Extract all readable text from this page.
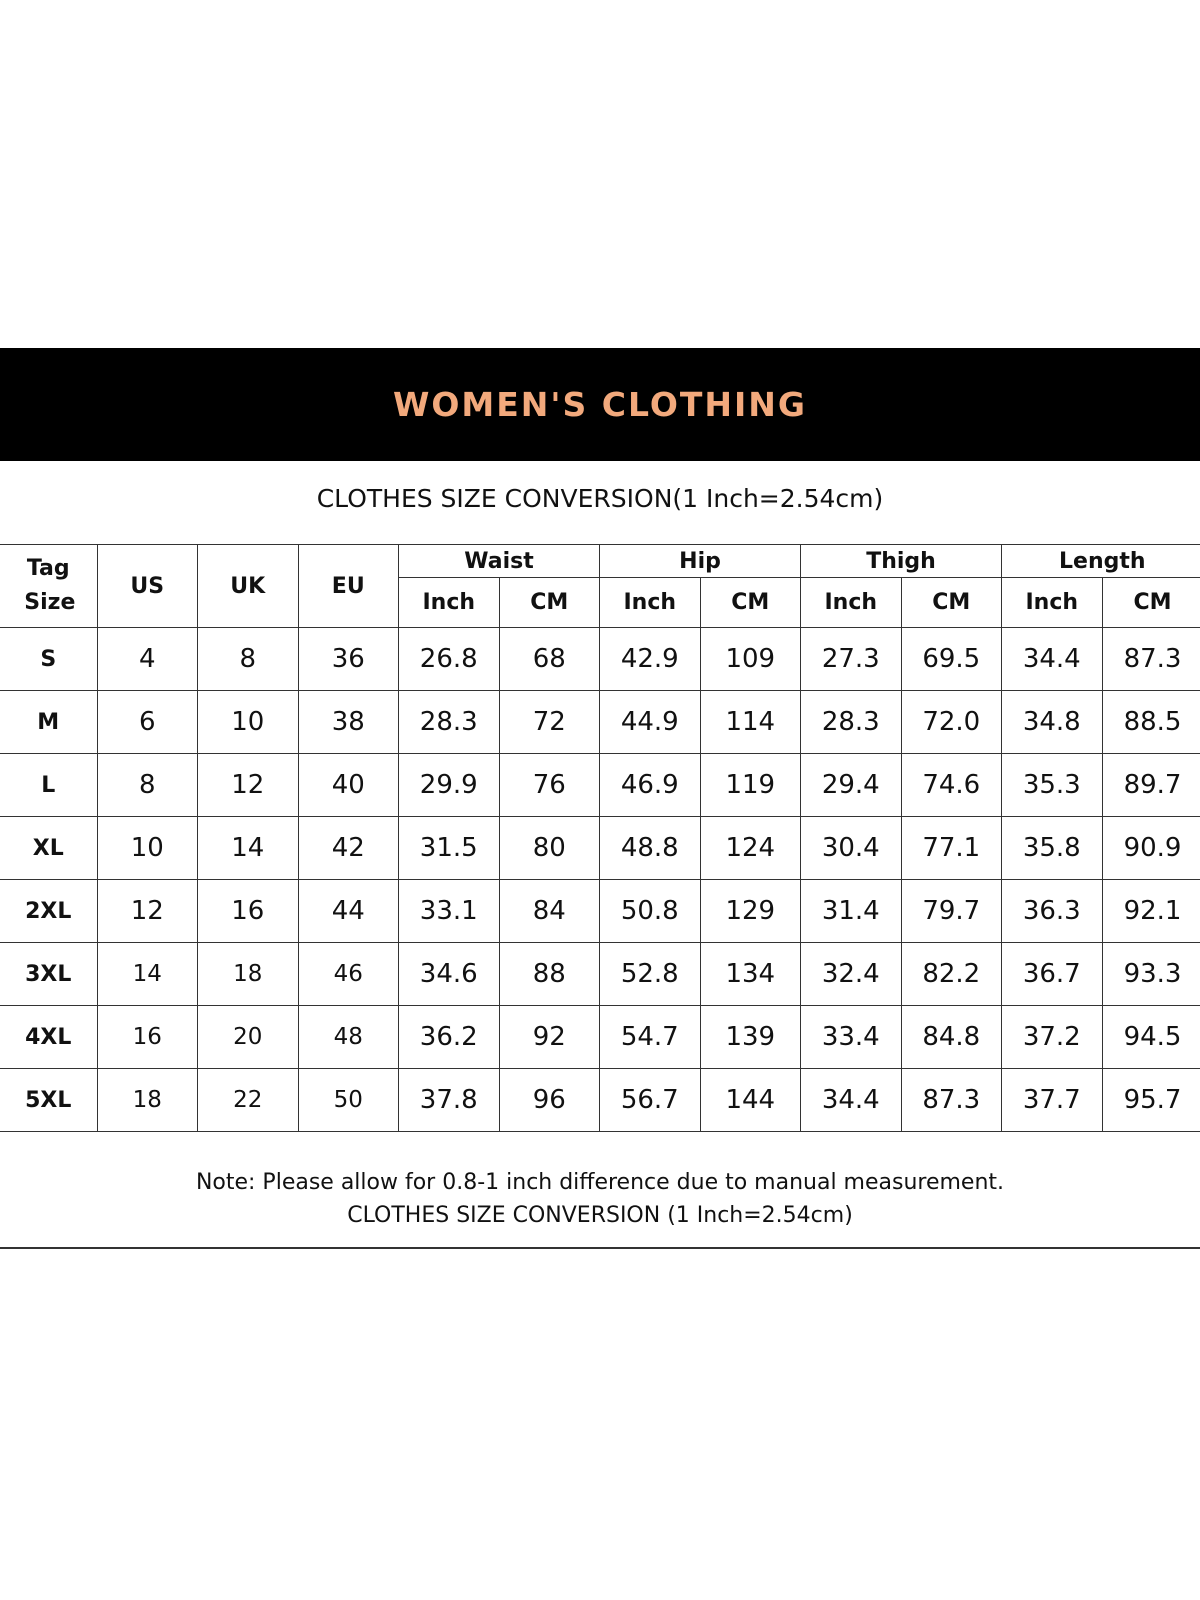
WOMEN'S CLOTHING
CLOTHES SIZE CONVERSION(1 Inch=2.54cm)
Tag Size	US	UK	EU	Waist		Hip		Thigh		Length	
				Inch	CM	Inch	CM	Inch	CM	Inch	CM
S	4	8	36	26.8	68	42.9	109	27.3	69.5	34.4	87.3
M	6	10	38	28.3	72	44.9	114	28.3	72.0	34.8	88.5
L	8	12	40	29.9	76	46.9	119	29.4	74.6	35.3	89.7
XL	10	14	42	31.5	80	48.8	124	30.4	77.1	35.8	90.9
2XL	12	16	44	33.1	84	50.8	129	31.4	79.7	36.3	92.1
3XL	14	18	46	34.6	88	52.8	134	32.4	82.2	36.7	93.3
4XL	16	20	48	36.2	92	54.7	139	33.4	84.8	37.2	94.5
5XL	18	22	50	37.8	96	56.7	144	34.4	87.3	37.7	95.7
Note: Please allow for 0.8-1 inch difference due to manual measurement.
CLOTHES SIZE CONVERSION (1 Inch=2.54cm)
